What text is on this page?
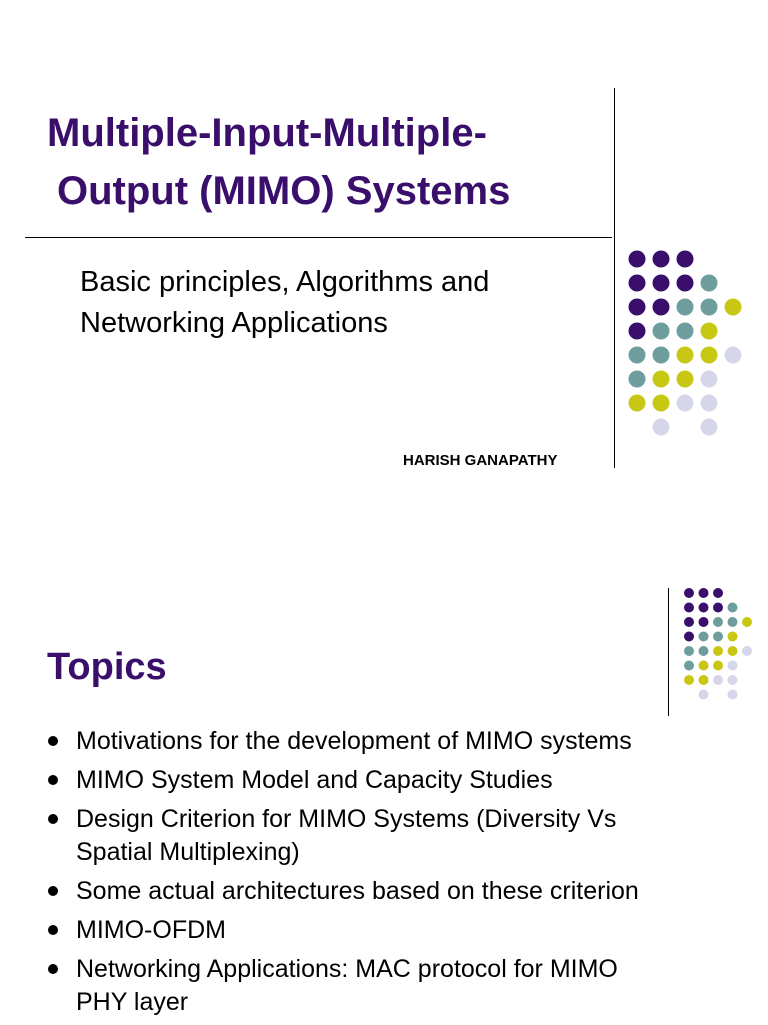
Multiple-Input-Multiple-
Output (MIMO) Systems
Basic principles, Algorithms and
Networking Applications
HARISH GANAPATHY
Topics
Motivations for the development of MIMO systems
MIMO System Model and Capacity Studies
Design Criterion for MIMO Systems (Diversity Vs
Spatial Multiplexing)
Some actual architectures based on these criterion
MIMO-OFDM
Networking Applications: MAC protocol for MIMO
PHY layer
